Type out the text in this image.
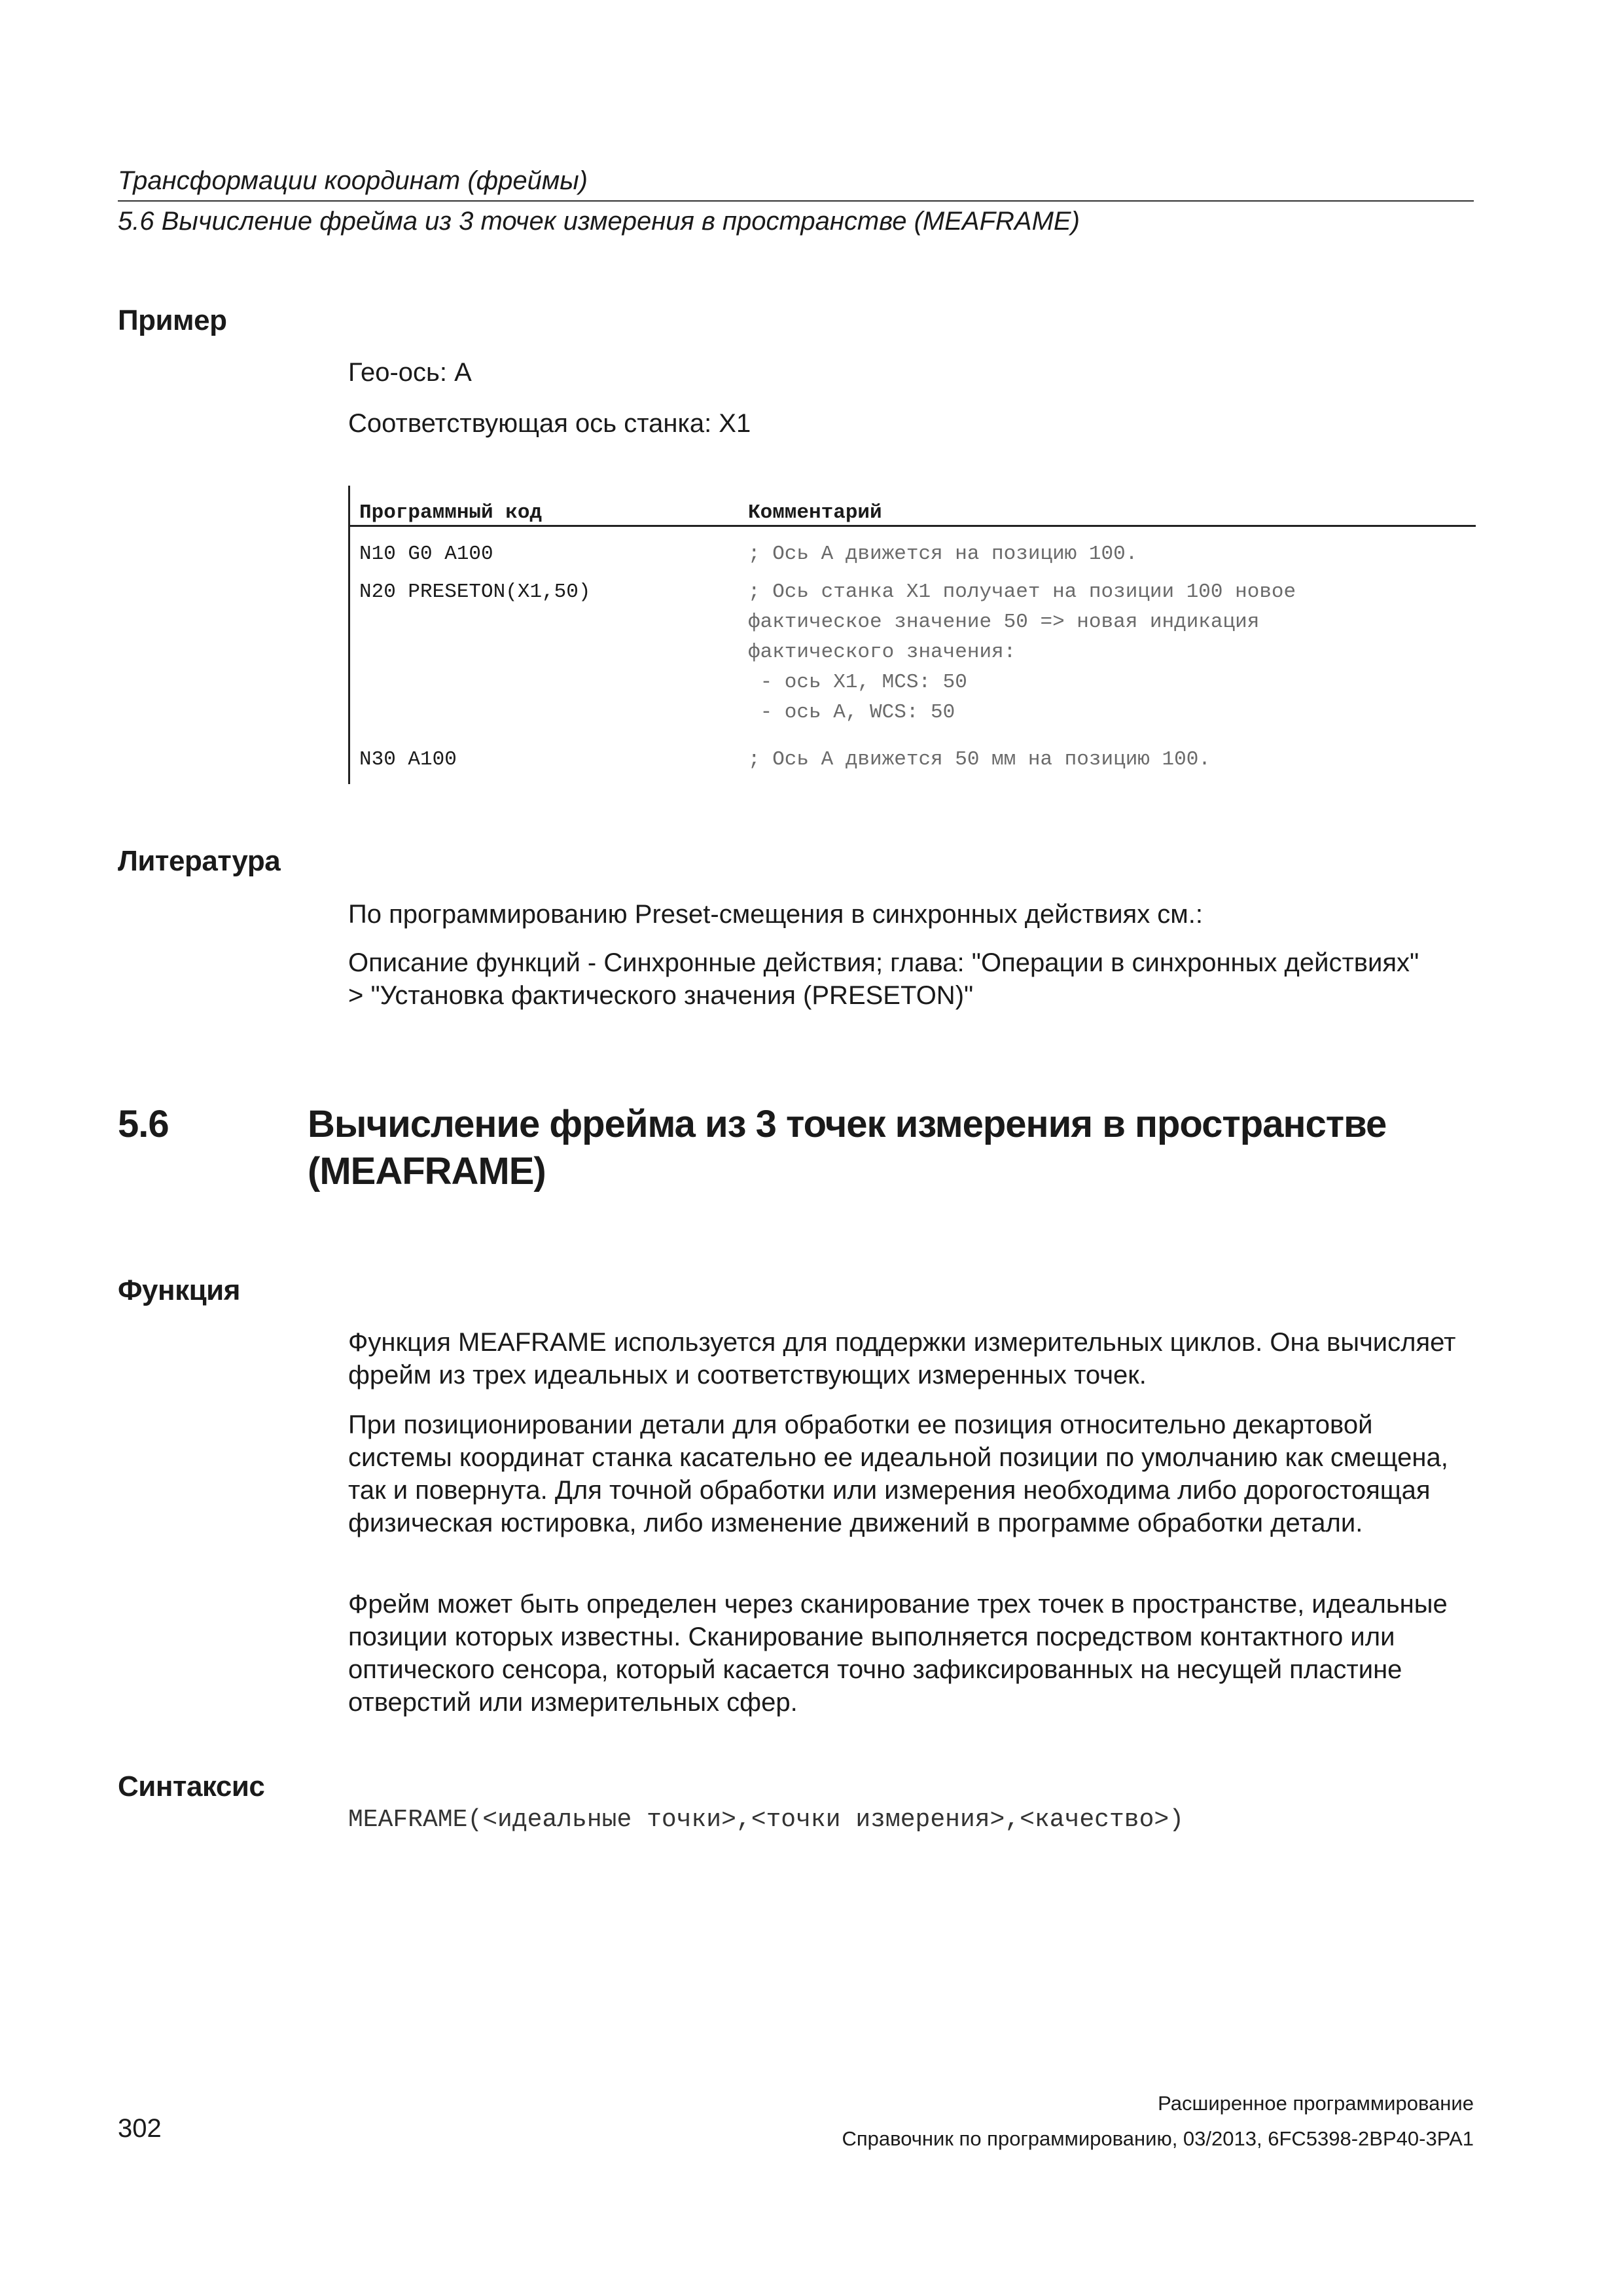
Трансформации координат (фреймы)
5.6 Вычисление фрейма из 3 точек измерения в пространстве (MEAFRAME)
Пример
Гео-ось: A
Соответствующая ось станка: X1
Программный код	Комментарий
N10 G0 A100	; Ось A движется на позицию 100.
N20 PRESETON(X1,50)	; Ось станка X1 получает на позиции 100 новое
фактическое значение 50 => новая индикация
фактического значения:
- ось X1, MCS: 50
- ось A, WCS: 50
N30 A100	; Ось A движется 50 мм на позицию 100.
Литература
По программированию Preset-смещения в синхронных действиях см.:
Описание функций - Синхронные действия; глава: "Операции в синхронных действиях"
> "Установка фактического значения (PRESETON)"
5.6	Вычисление фрейма из 3 точек измерения в пространстве (MEAFRAME)
Функция
Функция MEAFRAME используется для поддержки измерительных циклов. Она вычисляет фрейм из трех идеальных и соответствующих измеренных точек.
При позиционировании детали для обработки ее позиция относительно декартовой системы координат станка касательно ее идеальной позиции по умолчанию как смещена, так и повернута. Для точной обработки или измерения необходима либо дорогостоящая физическая юстировка, либо изменение движений в программе обработки детали.
Фрейм может быть определен через сканирование трех точек в пространстве, идеальные позиции которых известны. Сканирование выполняется посредством контактного или оптического сенсора, который касается точно зафиксированных на несущей пластине отверстий или измерительных сфер.
Синтаксис
MEAFRAME(<идеальные точки>,<точки измерения>,<качество>)
Расширенное программирование
Справочник по программированию, 03/2013, 6FC5398-2BP40-3PA1
302
